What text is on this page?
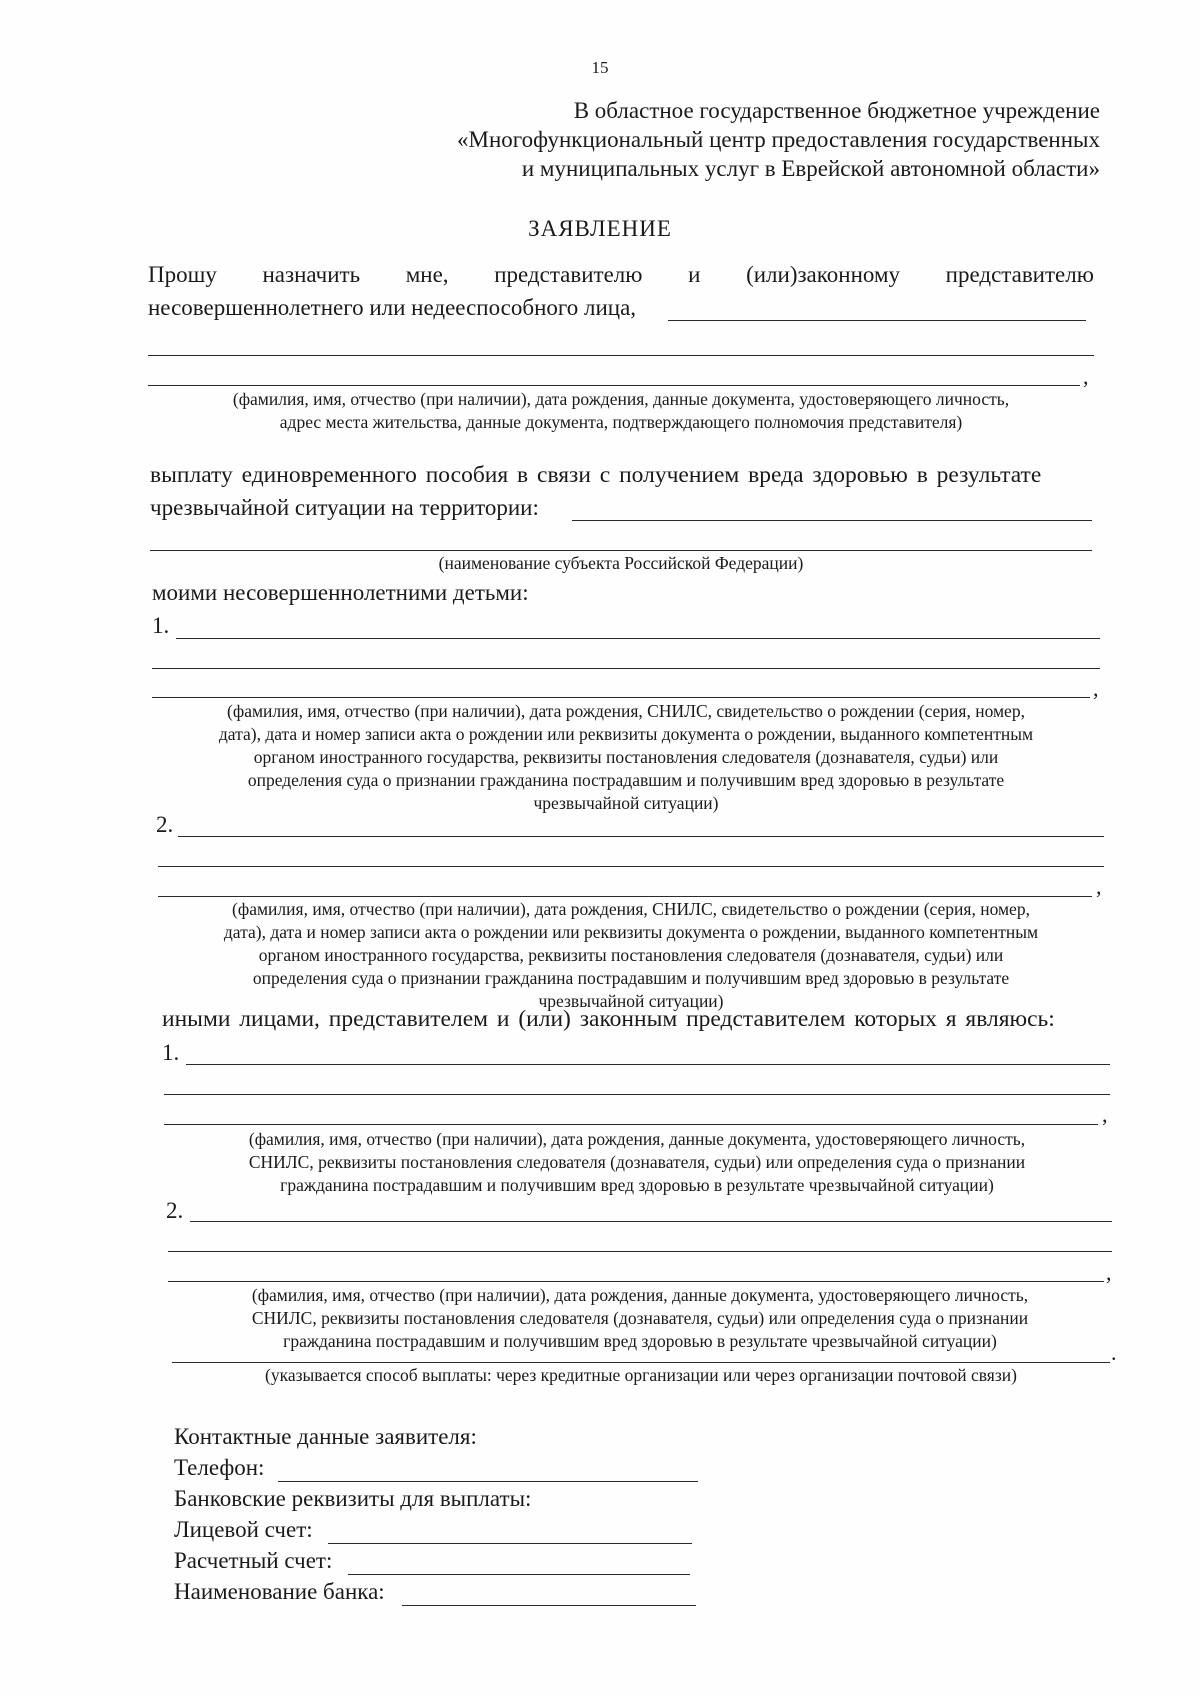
15
В областное государственное бюджетное учреждение
«Многофункциональный центр предоставления государственных
и муниципальных услуг в Еврейской автономной области»
ЗАЯВЛЕНИЕ
Прошу назначить мне, представителю и (или)законному представителю
несовершеннолетнего или недееспособного лица,
,
(фамилия, имя, отчество (при наличии), дата рождения, данные документа, удостоверяющего личность,
адрес места жительства, данные документа, подтверждающего полномочия представителя)
выплату единовременного пособия в связи с получением вреда здоровью в результате
чрезвычайной ситуации на территории:
(наименование субъекта Российской Федерации)
моими несовершеннолетними детьми:
1.
,
(фамилия, имя, отчество (при наличии), дата рождения, СНИЛС, свидетельство о рождении (серия, номер,
дата), дата и номер записи акта о рождении или реквизиты документа о рождении, выданного компетентным
органом иностранного государства, реквизиты постановления следователя (дознавателя, судьи) или
определения суда о признании гражданина пострадавшим и получившим вред здоровью в результате
чрезвычайной ситуации)
2.
,
(фамилия, имя, отчество (при наличии), дата рождения, СНИЛС, свидетельство о рождении (серия, номер,
дата), дата и номер записи акта о рождении или реквизиты документа о рождении, выданного компетентным
органом иностранного государства, реквизиты постановления следователя (дознавателя, судьи) или
определения суда о признании гражданина пострадавшим и получившим вред здоровью в результате
чрезвычайной ситуации)
иными лицами, представителем и (или) законным представителем которых я являюсь:
1.
,
(фамилия, имя, отчество (при наличии), дата рождения, данные документа, удостоверяющего личность,
СНИЛС, реквизиты постановления следователя (дознавателя, судьи) или определения суда о признании
гражданина пострадавшим и получившим вред здоровью в результате чрезвычайной ситуации)
2.
,
(фамилия, имя, отчество (при наличии), дата рождения, данные документа, удостоверяющего личность,
СНИЛС, реквизиты постановления следователя (дознавателя, судьи) или определения суда о признании
гражданина пострадавшим и получившим вред здоровью в результате чрезвычайной ситуации)	.
(указывается способ выплаты: через кредитные организации или через организации почтовой связи)
Контактные данные заявителя:
Телефон:
Банковские реквизиты для выплаты:
Лицевой счет:
Расчетный счет:
Наименование банка:
